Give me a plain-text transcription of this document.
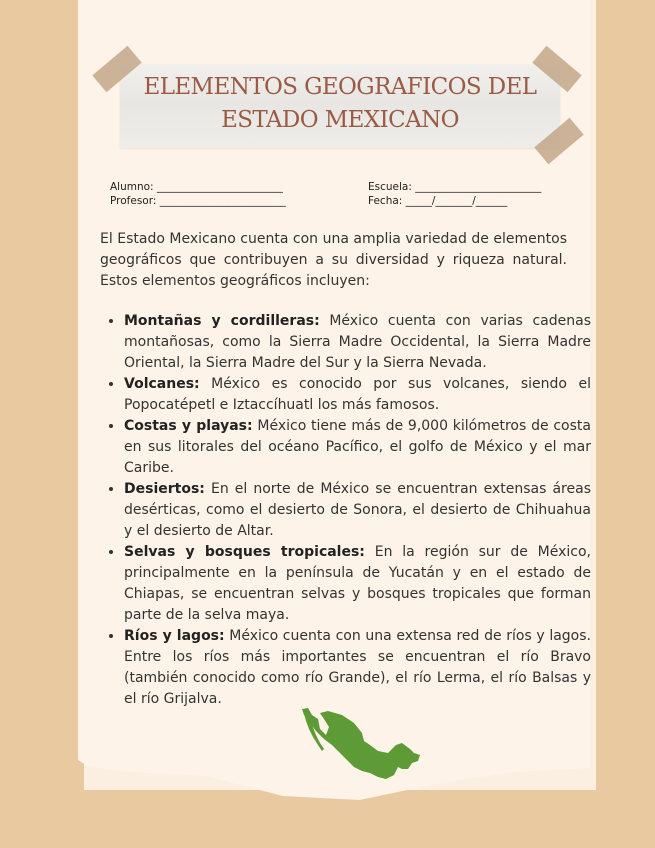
ELEMENTOS GEOGRAFICOS DEL
ESTADO MEXICANO
Alumno: ________________________
Profesor: ________________________
Escuela: ________________________
Fecha: _____/_______/______
El Estado Mexicano cuenta con una amplia variedad de elementos geográficos que contribuyen a su diversidad y riqueza natural. Estos elementos geográficos incluyen:
• Montañas y cordilleras: México cuenta con varias cadenas montañosas, como la Sierra Madre Occidental, la Sierra Madre Oriental, la Sierra Madre del Sur y la Sierra Nevada.
• Volcanes: México es conocido por sus volcanes, siendo el Popocatépetl e Iztaccíhuatl los más famosos.
• Costas y playas: México tiene más de 9,000 kilómetros de costa en sus litorales del océano Pacífico, el golfo de México y el mar Caribe.
• Desiertos: En el norte de México se encuentran extensas áreas desérticas, como el desierto de Sonora, el desierto de Chihuahua y el desierto de Altar.
• Selvas y bosques tropicales: En la región sur de México, principalmente en la península de Yucatán y en el estado de Chiapas, se encuentran selvas y bosques tropicales que forman parte de la selva maya.
• Ríos y lagos: México cuenta con una extensa red de ríos y lagos. Entre los ríos más importantes se encuentran el río Bravo (también conocido como río Grande), el río Lerma, el río Balsas y el río Grijalva.
